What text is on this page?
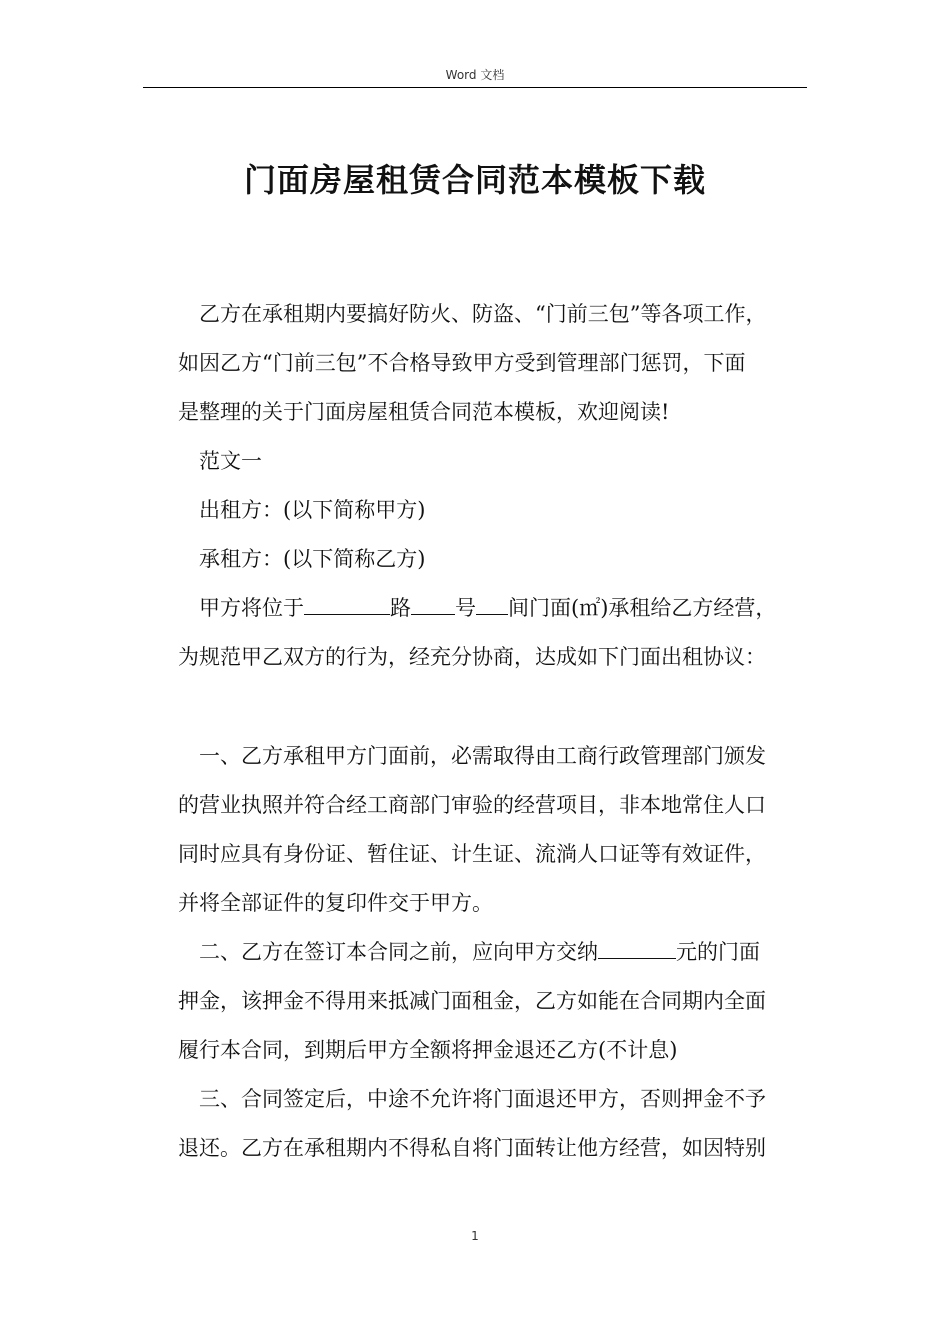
Word 文档
门面房屋租赁合同范本模板下载
乙方在承租期内要搞好防火、防盗、“门前三包”等各项工作，
如因乙方“门前三包”不合格导致甲方受到管理部门惩罚，下面
是整理的关于门面房屋租赁合同范本模板，欢迎阅读!
范文一
出租方：(以下简称甲方)
承租方：(以下简称乙方)
甲方将位于	路 号 间门面(㎡)承租给乙方经营，
为规范甲乙双方的行为，经充分协商，达成如下门面出租协议：
一、乙方承租甲方门面前，必需取得由工商行政管理部门颁发
的营业执照并符合经工商部门审验的经营项目，非本地常住人口
同时应具有身份证、暂住证、计生证、流淌人口证等有效证件，
并将全部证件的复印件交于甲方。
二、乙方在签订本合同之前，应向甲方交纳	元的门面
押金，该押金不得用来抵减门面租金，乙方如能在合同期内全面
履行本合同，到期后甲方全额将押金退还乙方(不计息)
三、合同签定后，中途不允许将门面退还甲方，否则押金不予
退还。乙方在承租期内不得私自将门面转让他方经营，如因特别
1
